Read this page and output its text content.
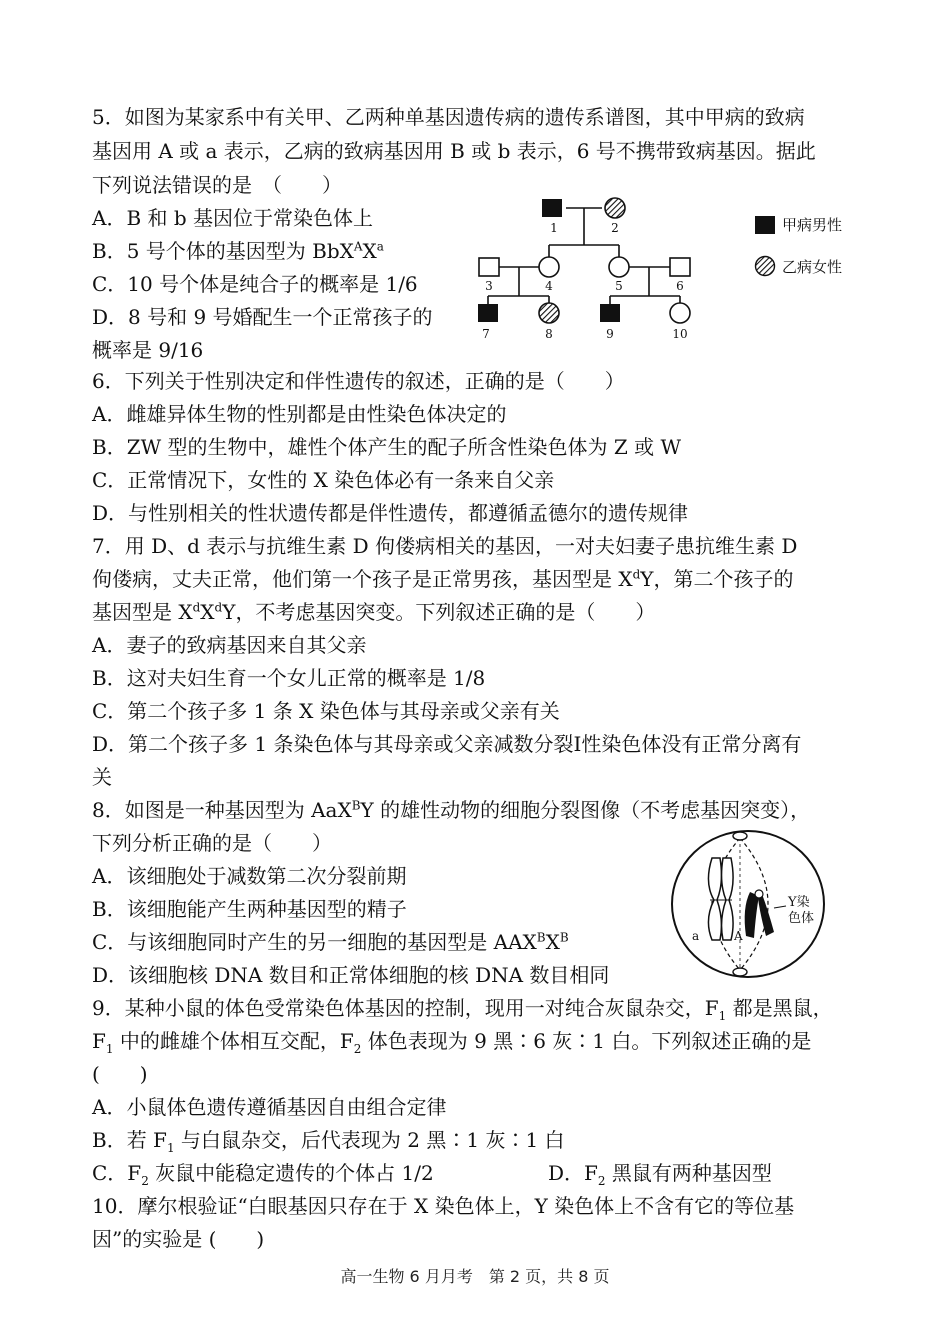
5．如图为某家系中有关甲、乙两种单基因遗传病的遗传系谱图，其中甲病的致病
基因用 A 或 a 表示，乙病的致病基因用 B 或 b 表示，6 号不携带致病基因。据此
下列说法错误的是　（　　）
A．B 和 b 基因位于常染色体上
B．5 号个体的基因型为 $BbX^AX^a$
C．10 号个体是纯合子的概率是 1/6
D．8 号和 9 号婚配生一个正常孩子的
概率是 9/16
1	2
3	4	5	6
7	8	9	10
甲病男性
乙病女性
6．下列关于性别决定和伴性遗传的叙述，正确的是（　　）
A．雌雄异体生物的性别都是由性染色体决定的
B．ZW 型的生物中，雄性个体产生的配子所含性染色体为 Z 或 W
C．正常情况下，女性的 X 染色体必有一条来自父亲
D．与性别相关的性状遗传都是伴性遗传，都遵循孟德尔的遗传规律
7．用 D、d 表示与抗维生素 D 佝偻病相关的基因，一对夫妇妻子患抗维生素 D
佝偻病，丈夫正常，他们第一个孩子是正常男孩，基因型是 $X^dY$，第二个孩子的
基因型是 $X^dX^dY$，不考虑基因突变。下列叙述正确的是（　　）
A．妻子的致病基因来自其父亲
B．这对夫妇生育一个女儿正常的概率是 1/8
C．第二个孩子多 1 条 X 染色体与其母亲或父亲有关
D．第二个孩子多 1 条染色体与其母亲或父亲减数分裂Ⅰ性染色体没有正常分离有
关
8．如图是一种基因型为 AaX$^B$Y 的雄性动物的细胞分裂图像（不考虑基因突变），
下列分析正确的是（　　）
A．该细胞处于减数第二次分裂前期
B．该细胞能产生两种基因型的精子
C．与该细胞同时产生的另一细胞的基因型是 $AAX^BX^B$
D．该细胞核 DNA 数目和正常体细胞的核 DNA 数目相同
a	A
Y染
色体
9．某种小鼠的体色受常染色体基因的控制，现用一对纯合灰鼠杂交，$F_1$ 都是黑鼠，
$F_1$ 中的雌雄个体相互交配，$F_2$ 体色表现为 9 黑∶6 灰∶1 白。下列叙述正确的是
(　　)
A．小鼠体色遗传遵循基因自由组合定律
B．若 $F_1$ 与白鼠杂交，后代表现为 2 黑∶1 灰∶1 白
C．$F_2$ 灰鼠中能稳定遗传的个体占 1/2	D．$F_2$ 黑鼠有两种基因型
10．摩尔根验证“白眼基因只存在于 X 染色体上，Y 染色体上不含有它的等位基
因”的实验是 (　　)
高一生物 6 月月考　第 2 页，共 8 页
